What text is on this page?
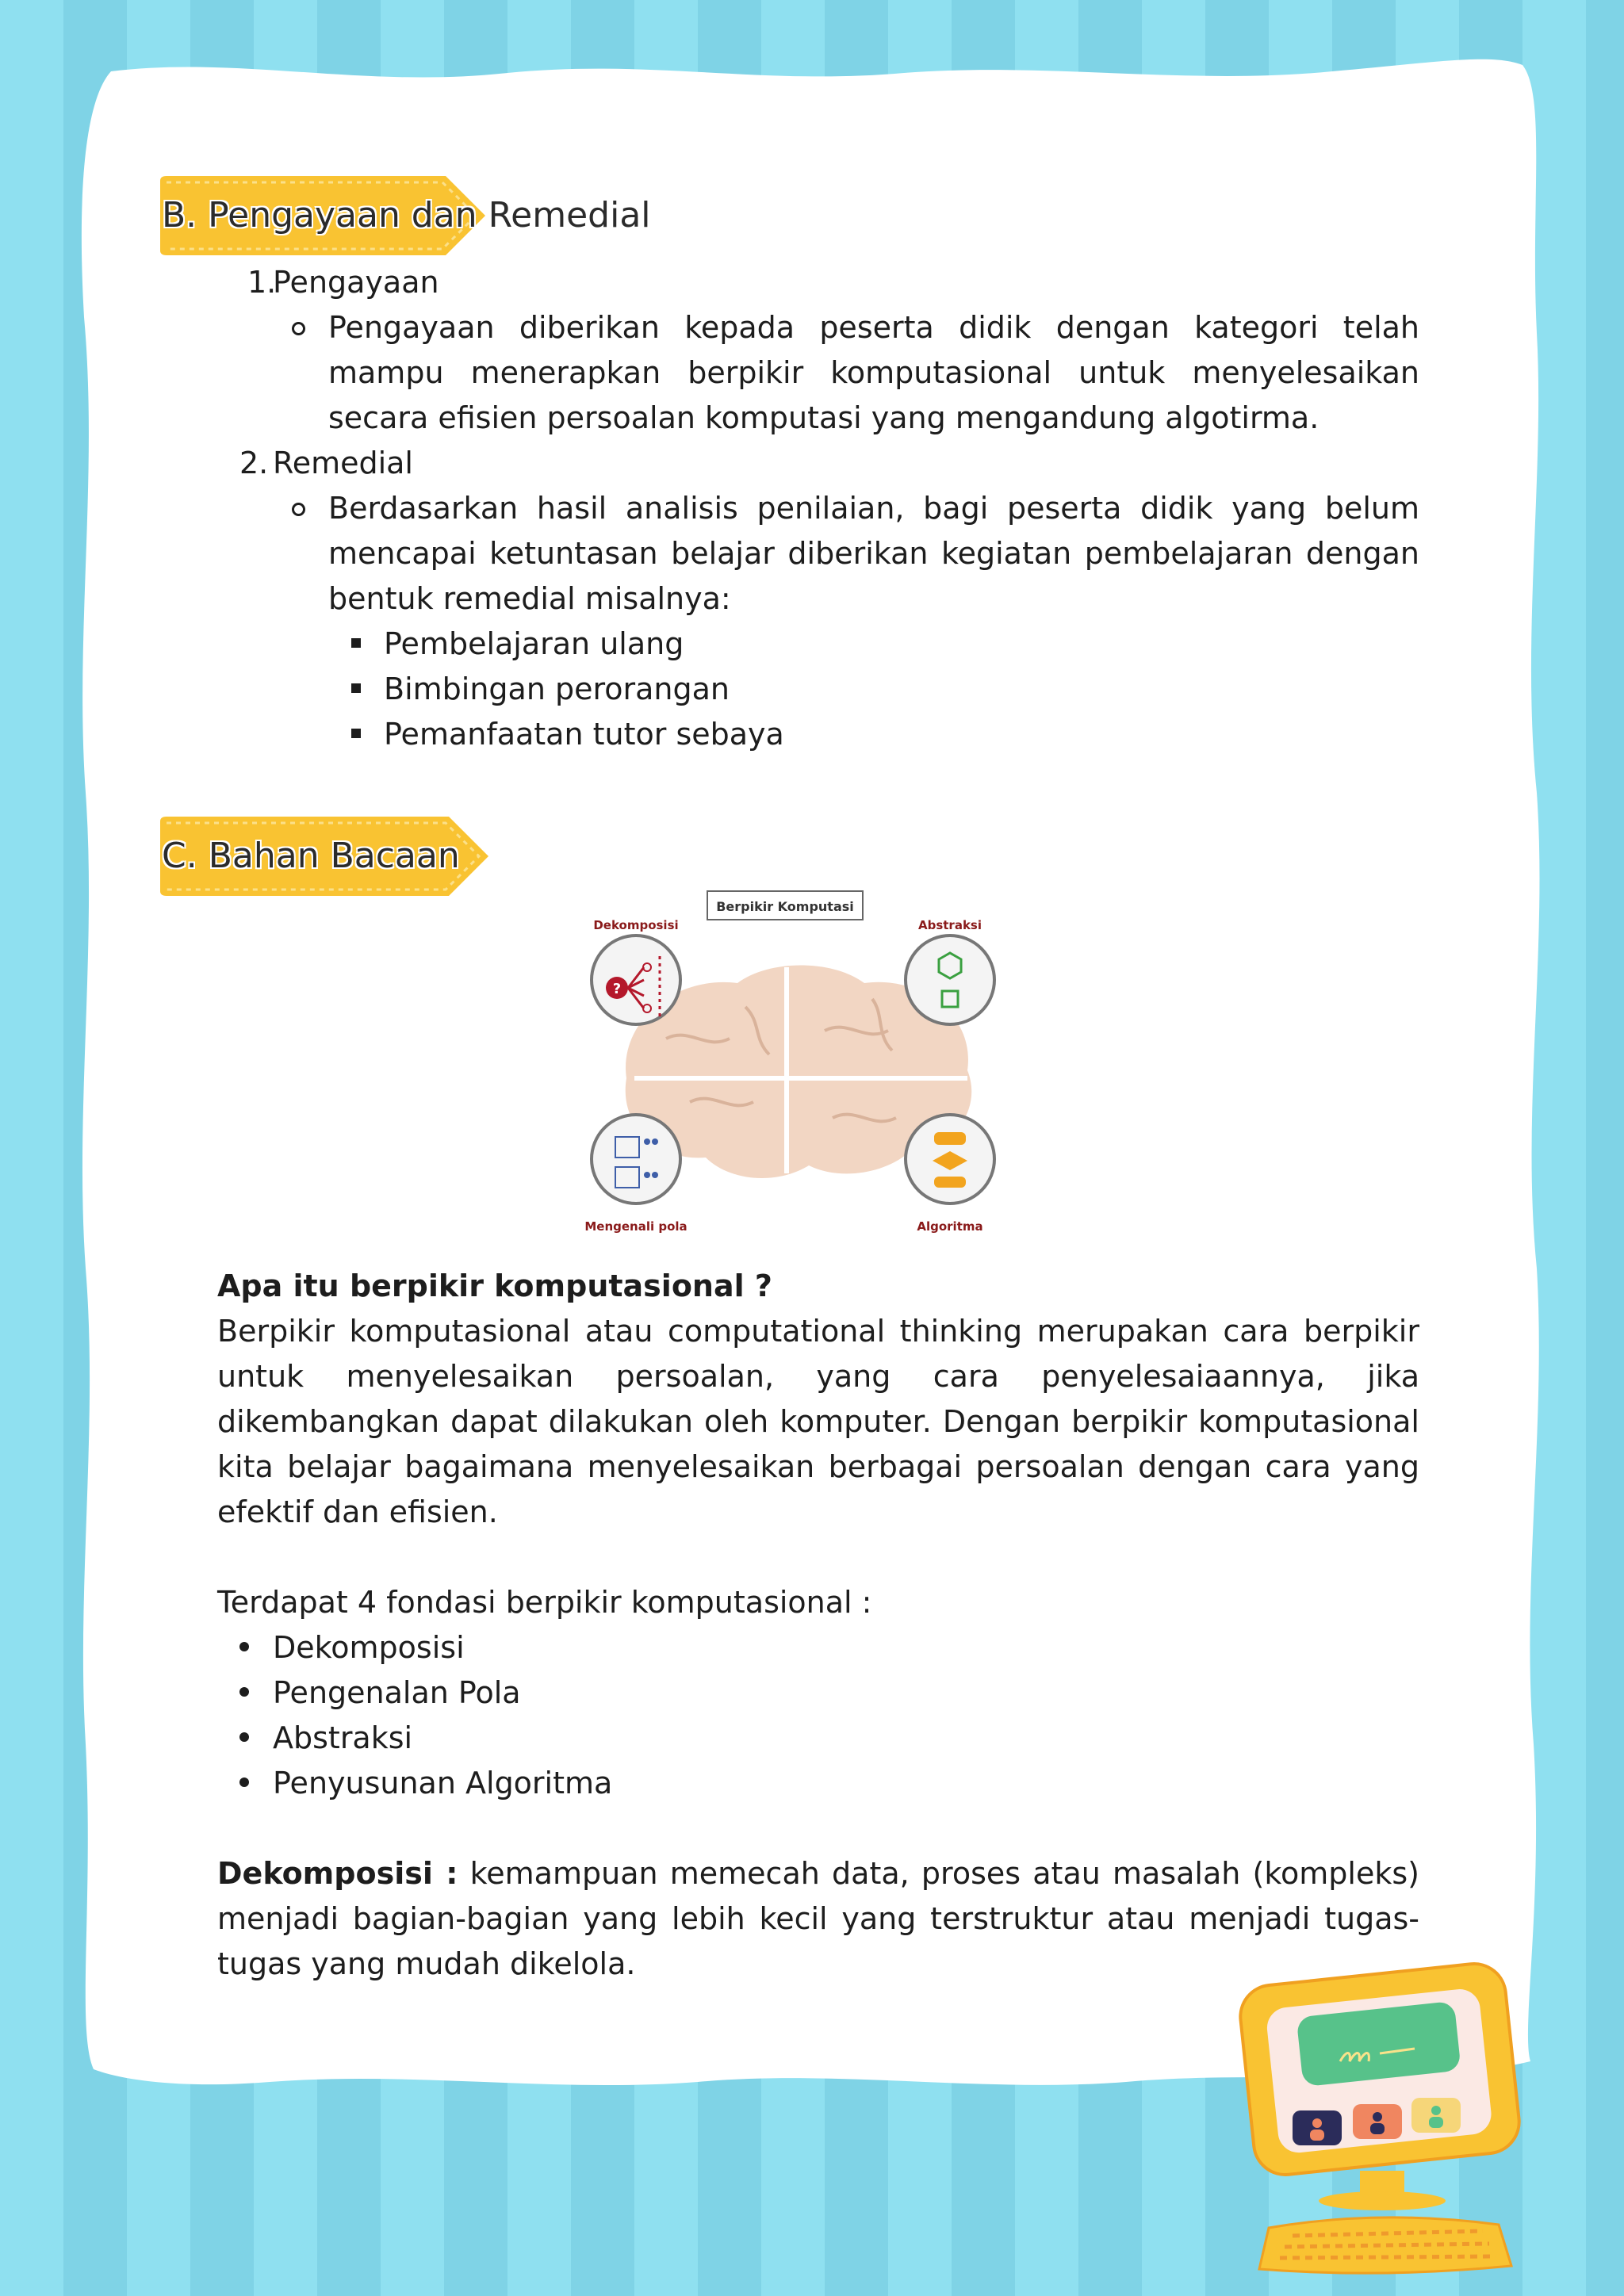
B. Pengayaan dan Remedial
1.
Pengayaan

Pengayaan diberikan kepada peserta didik dengan kategori telah mampu menerapkan berpikir komputasional untuk menyelesaikan secara efisien persoalan komputasi yang mengandung algotirma.

2. Remedial

Berdasarkan hasil analisis penilaian, bagi peserta didik yang belum mencapai ketuntasan belajar diberikan kegiatan pembelajaran dengan bentuk remedial misalnya:

Pembelajaran ulang
Bimbingan perorangan
Pemanfaatan tutor sebaya
C. Bahan Bacaan
Berpikir Komputasi
Dekomposisi	Abstraksi
Mengenali pola	Algoritma
?

Apa itu berpikir komputasional ?

Berpikir komputasional atau computational thinking merupakan cara berpikir untuk menyelesaikan persoalan, yang cara penyelesaiaannya, jika dikembangkan dapat dilakukan oleh komputer. Dengan berpikir komputasional kita belajar bagaimana menyelesaikan berbagai persoalan dengan cara yang efektif dan efisien.

Terdapat 4 fondasi berpikir komputasional :

Dekomposisi
Pengenalan Pola
Abstraksi
Penyusunan Algoritma

Dekomposisi : kemampuan memecah data, proses atau masalah (kompleks) menjadi bagian-bagian yang lebih kecil yang terstruktur atau menjadi tugas-tugas yang mudah dikelola.
